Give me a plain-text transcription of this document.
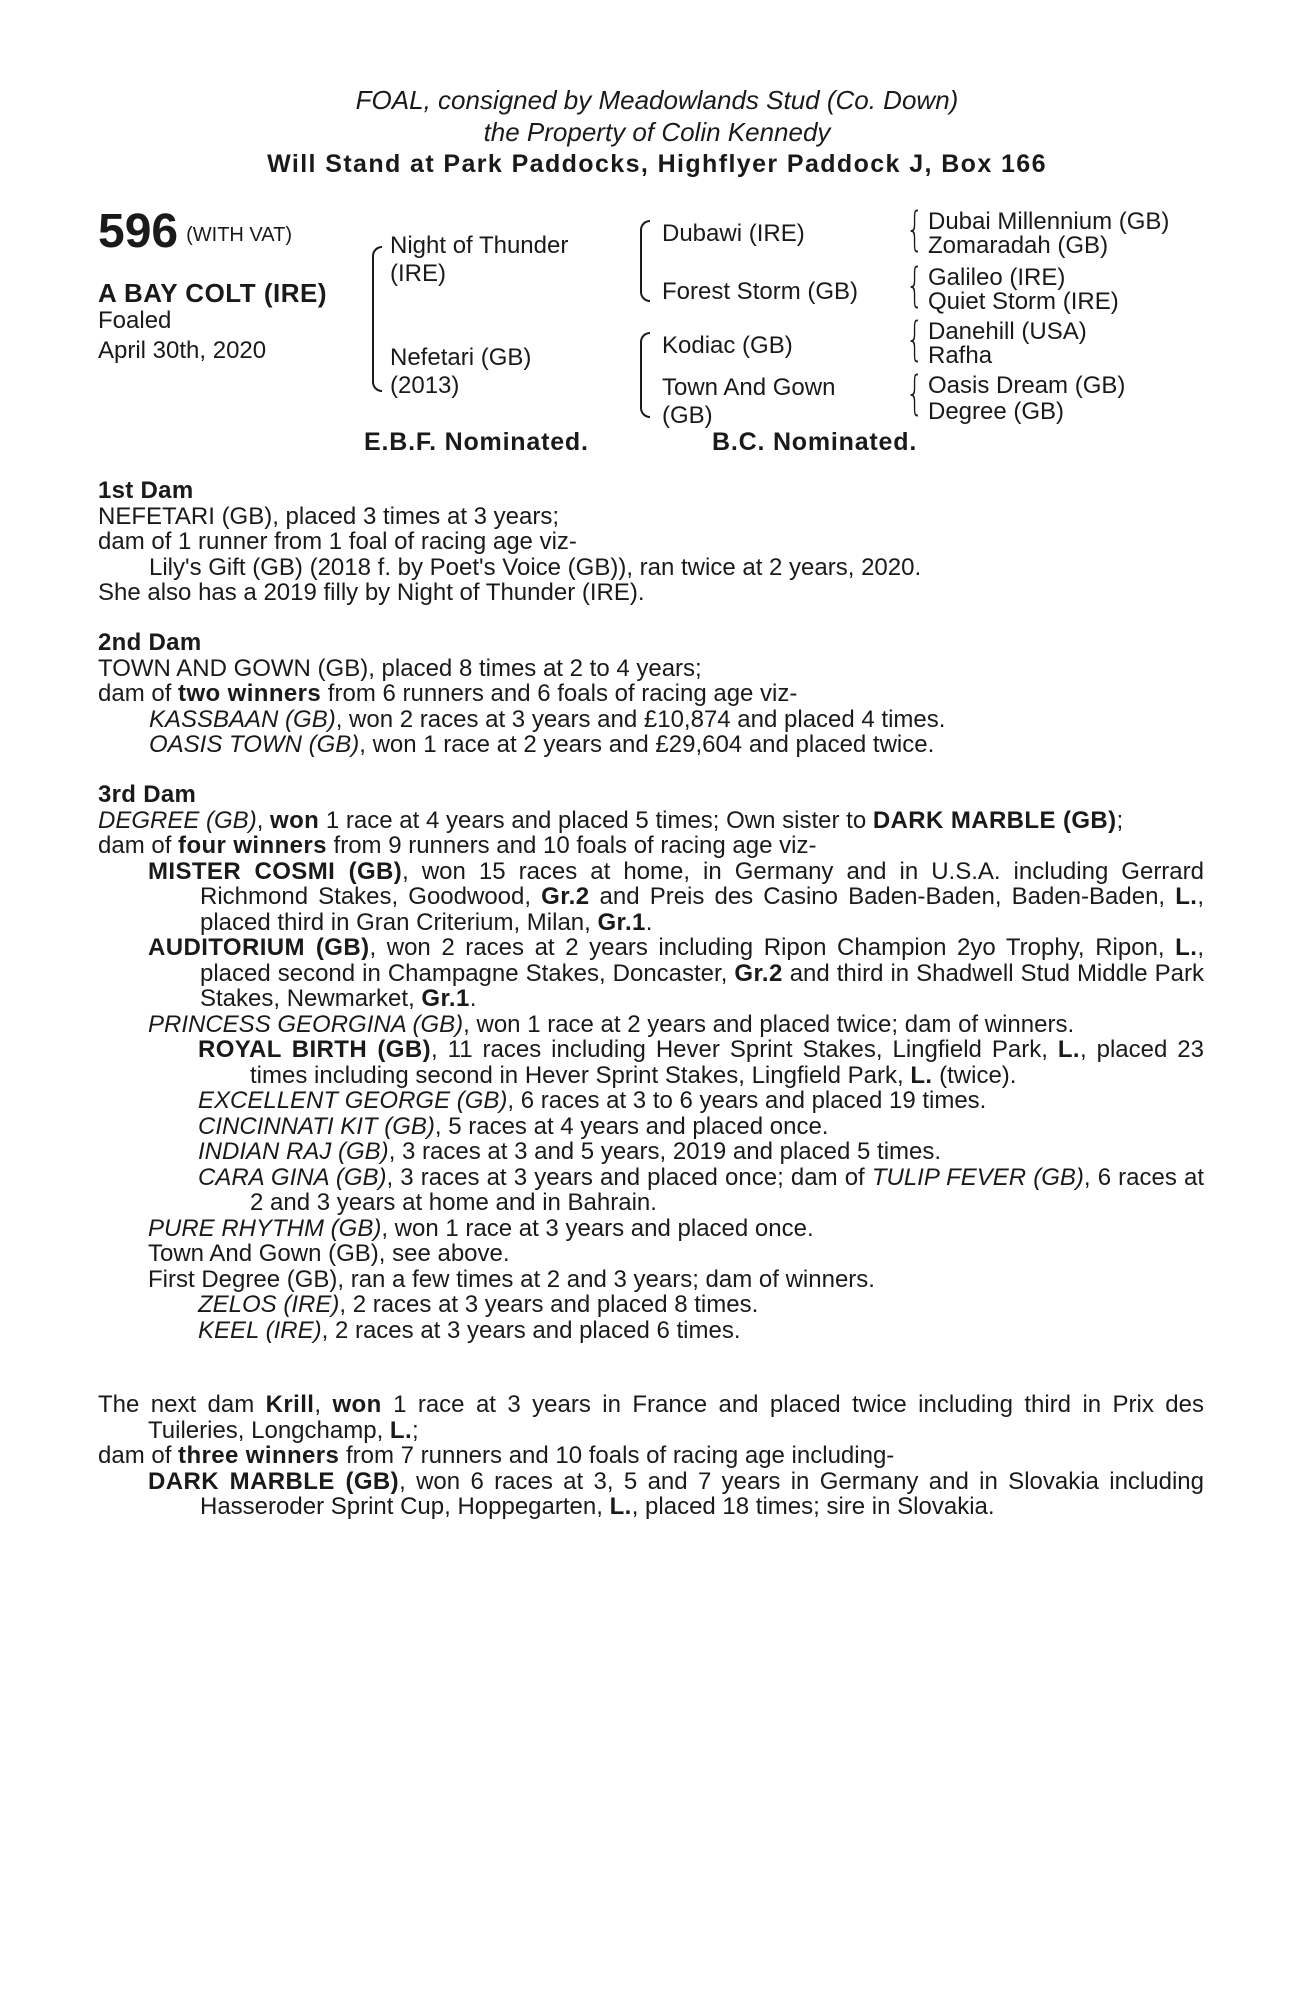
FOAL, consigned by Meadowlands Stud (Co. Down)
the Property of Colin Kennedy
Will Stand at Park Paddocks, Highflyer Paddock J, Box 166
596 (WITH VAT)
A BAY COLT (IRE)
Foaled
April 30th, 2020
Night of Thunder
(IRE)
Nefetari (GB)
(2013)
Dubawi (IRE)
Forest Storm (GB)
Kodiac (GB)
Town And Gown
(GB)
{ Dubai Millennium (GB)
Zomaradah (GB)
{ Galileo (IRE)
Quiet Storm (IRE)
{ Danehill (USA)
Rafha
{ Oasis Dream (GB)
Degree (GB)
E.B.F. Nominated.	B.C. Nominated.

1st Dam

NEFETARI (GB), placed 3 times at 3 years;

dam of 1 runner from 1 foal of racing age viz-

Lily's Gift (GB) (2018 f. by Poet's Voice (GB)), ran twice at 2 years, 2020.

She also has a 2019 filly by Night of Thunder (IRE).

2nd Dam

TOWN AND GOWN (GB), placed 8 times at 2 to 4 years;

dam of two winners from 6 runners and 6 foals of racing age viz-

KASSBAAN (GB), won 2 races at 3 years and £10,874 and placed 4 times.

OASIS TOWN (GB), won 1 race at 2 years and £29,604 and placed twice.

3rd Dam

DEGREE (GB), won 1 race at 4 years and placed 5 times; Own sister to DARK MARBLE (GB);

dam of four winners from 9 runners and 10 foals of racing age viz-

MISTER COSMI (GB), won 15 races at home, in Germany and in U.S.A. including Gerrard Richmond Stakes, Goodwood, Gr.2 and Preis des Casino Baden-Baden, Baden-Baden, L., placed third in Gran Criterium, Milan, Gr.1.

AUDITORIUM (GB), won 2 races at 2 years including Ripon Champion 2yo Trophy, Ripon, L., placed second in Champagne Stakes, Doncaster, Gr.2 and third in Shadwell Stud Middle Park Stakes, Newmarket, Gr.1.

PRINCESS GEORGINA (GB), won 1 race at 2 years and placed twice; dam of winners.

ROYAL BIRTH (GB), 11 races including Hever Sprint Stakes, Lingfield Park, L., placed 23 times including second in Hever Sprint Stakes, Lingfield Park, L. (twice).

EXCELLENT GEORGE (GB), 6 races at 3 to 6 years and placed 19 times.

CINCINNATI KIT (GB), 5 races at 4 years and placed once.

INDIAN RAJ (GB), 3 races at 3 and 5 years, 2019 and placed 5 times.

CARA GINA (GB), 3 races at 3 years and placed once; dam of TULIP FEVER (GB), 6 races at 2 and 3 years at home and in Bahrain.

PURE RHYTHM (GB), won 1 race at 3 years and placed once.

Town And Gown (GB), see above.

First Degree (GB), ran a few times at 2 and 3 years; dam of winners.

ZELOS (IRE), 2 races at 3 years and placed 8 times.

KEEL (IRE), 2 races at 3 years and placed 6 times.

The next dam Krill, won 1 race at 3 years in France and placed twice including third in Prix des Tuileries, Longchamp, L.;

dam of three winners from 7 runners and 10 foals of racing age including-

DARK MARBLE (GB), won 6 races at 3, 5 and 7 years in Germany and in Slovakia including Hasseroder Sprint Cup, Hoppegarten, L., placed 18 times; sire in Slovakia.
